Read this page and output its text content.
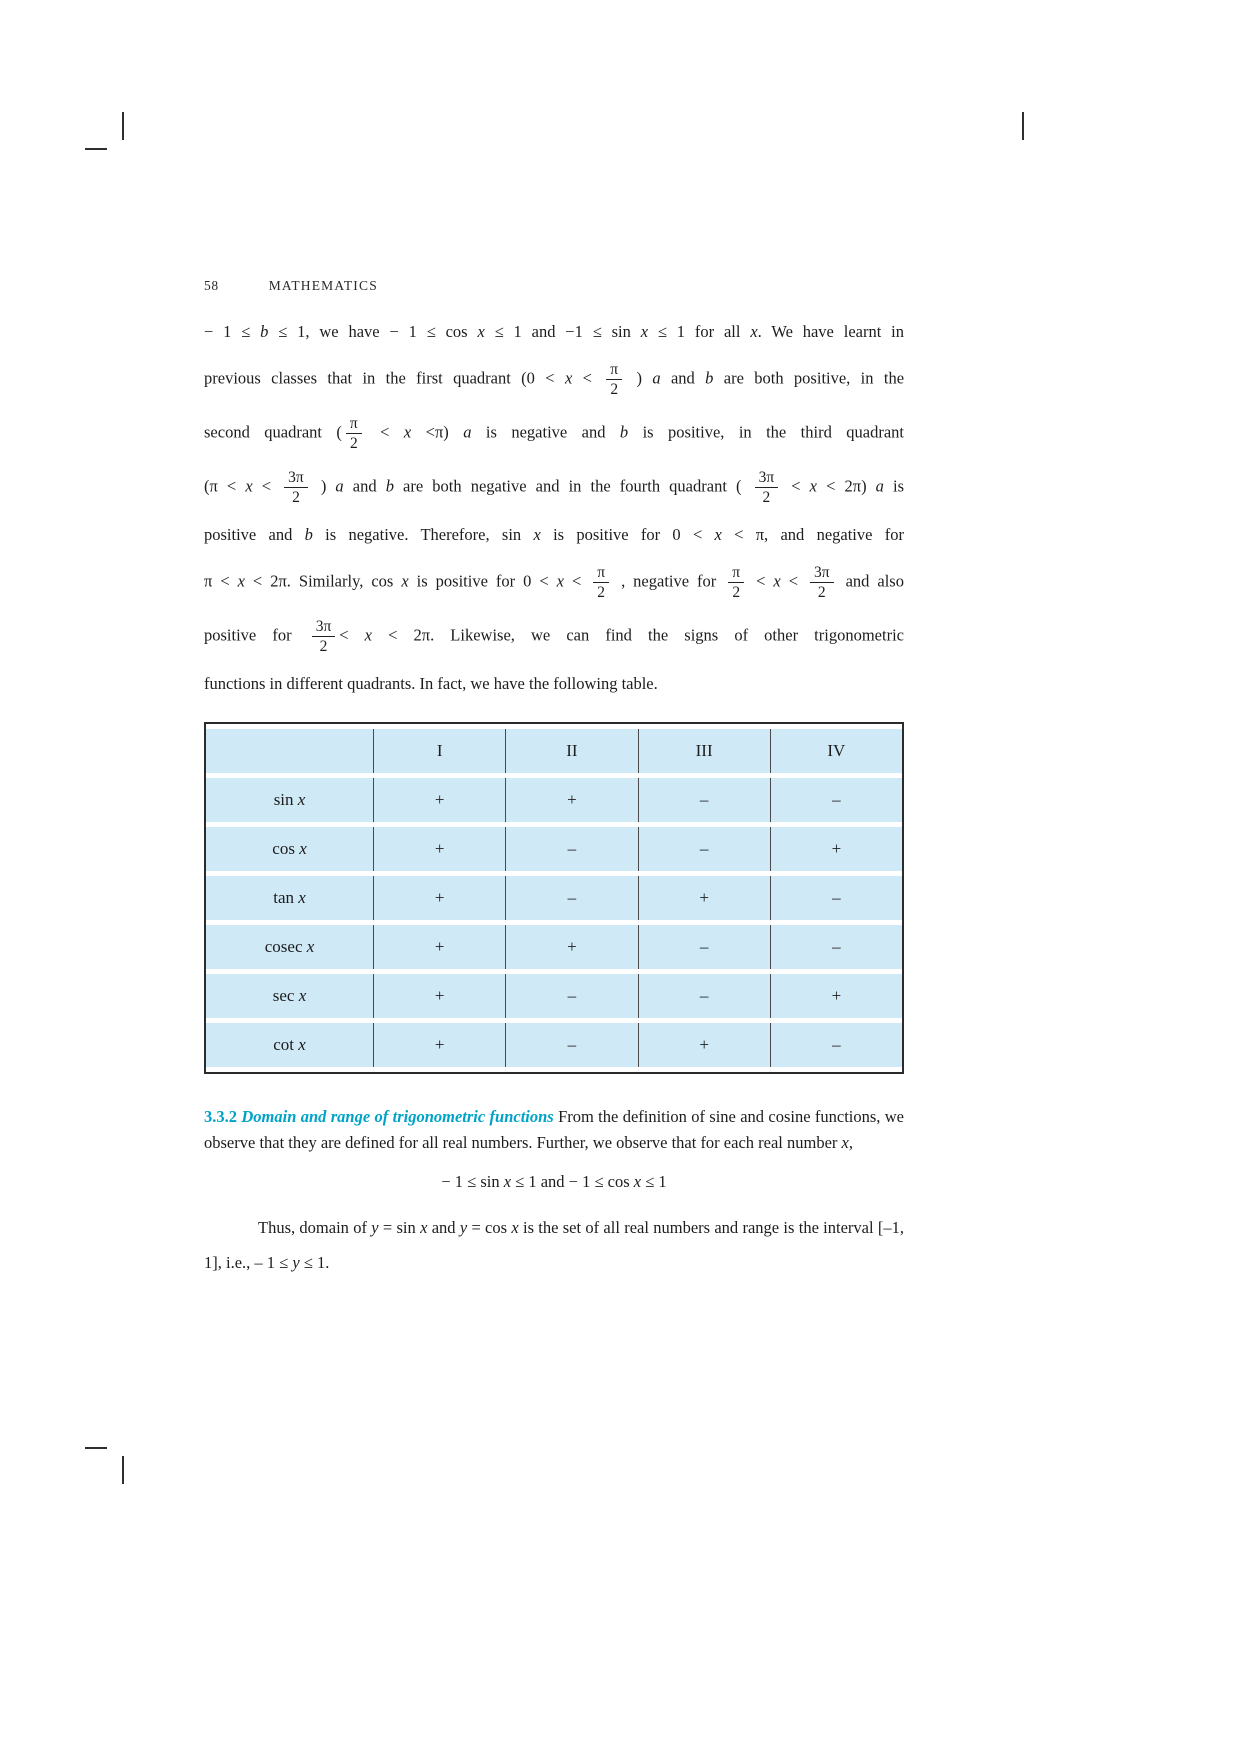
58	MATHEMATICS
− 1 ≤ b ≤ 1, we have − 1 ≤ cos x ≤ 1 and −1 ≤ sin x ≤ 1 for all x. We have learnt in
previous classes that in the first quadrant ($0 < x < \frac{\pi}{2}$ ) a and b are both positive, in the
second quadrant ( $\frac{\pi}{2} < x <\pi$) a is negative and b is positive, in the third quadrant
($\pi < x < \frac{3\pi}{2}$ ) a and b are both negative and in the fourth quadrant ( $\frac{3\pi}{2} < x < 2\pi$) a is
positive and b is negative. Therefore, sin x is positive for 0 < x < π, and negative for
π < x < 2π. Similarly, cos x is positive for $0 < x < \frac{\pi}{2}$ , negative for $\frac{\pi}{2} < x < \frac{3\pi}{2}$ and also
positive for $\frac{3\pi}{2} < x < 2\pi$. Likewise, we can find the signs of other trigonometric
functions in different quadrants. In fact, we have the following table.
	I	II	III	IV
sin x	+	+	–	–
cos x	+	–	–	+
tan x	+	–	+	–
cosec x	+	+	–	–
sec x	+	–	–	+
cot x	+	–	+	–

3.3.2 Domain and range of trigonometric functions From the definition of sine and cosine functions, we observe that they are defined for all real numbers. Further, we observe that for each real number x,

− 1 ≤ sin x ≤ 1 and − 1 ≤ cos x ≤ 1

Thus, domain of y = sin x and y = cos x is the set of all real numbers and range is the interval [–1, 1], i.e., – 1 ≤ y ≤ 1.
